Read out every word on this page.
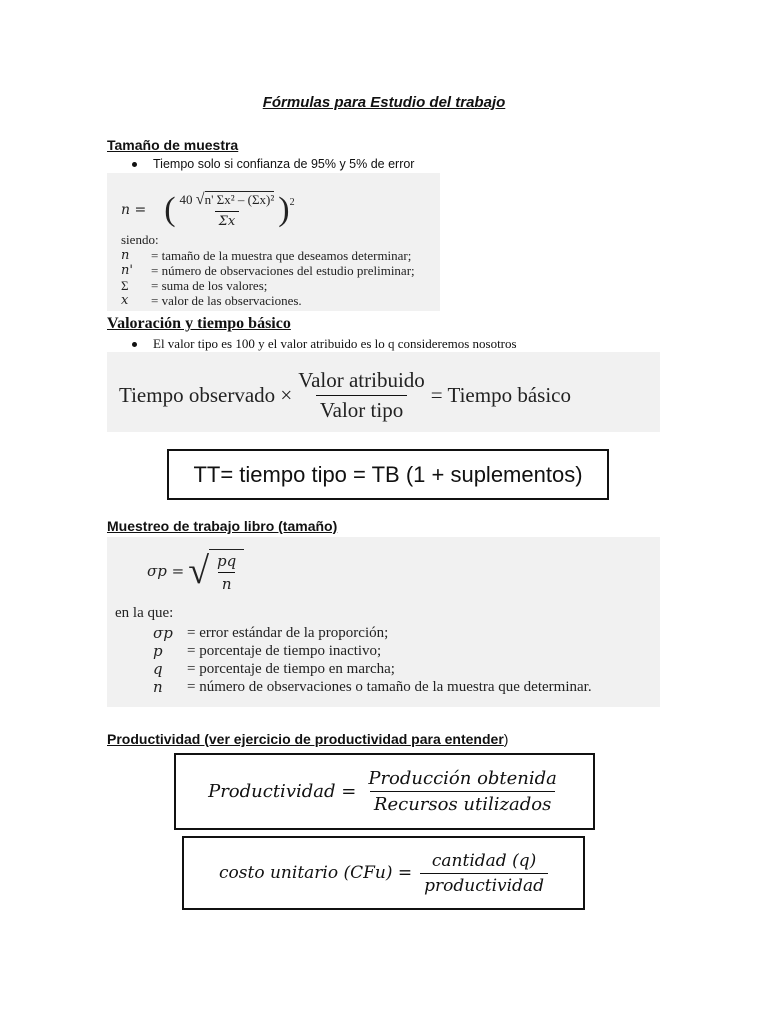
Fórmulas para Estudio del trabajo
Tamaño de muestra
Tiempo solo si confianza de 95% y 5% de error
n = ( $\frac{\text{40 √n' Σx² – (Σx)²}}{\Sigma x} )^2$
siendo:
n	= tamaño de la muestra que deseamos determinar;
n'	= número de observaciones del estudio preliminar;
Σ	= suma de los valores;
x	= valor de las observaciones.
Valoración y tiempo básico
El valor tipo es 100 y el valor atribuido es lo q consideremos nosotros
Tiempo observado × $\frac{\text{Valor atribuido}}{\text{Valor tipo}}$ = Tiempo básico
TT= tiempo tipo = TB (1 + suplementos)
Muestreo de trabajo libro (tamaño)
σp = √ $\frac{pq}{n}$
en la que:
σp	= error estándar de la proporción;
p	= porcentaje de tiempo inactivo;
q	= porcentaje de tiempo en marcha;
n	= número de observaciones o tamaño de la muestra que determinar.
Productividad (ver ejercicio de productividad para entender)
Productividad = $\frac{\text{Producción obtenida}}{\text{Recursos utilizados}}$
costo unitario $(CFu) = \frac{\text{cantidad (q)}}{\text{productividad}}$
